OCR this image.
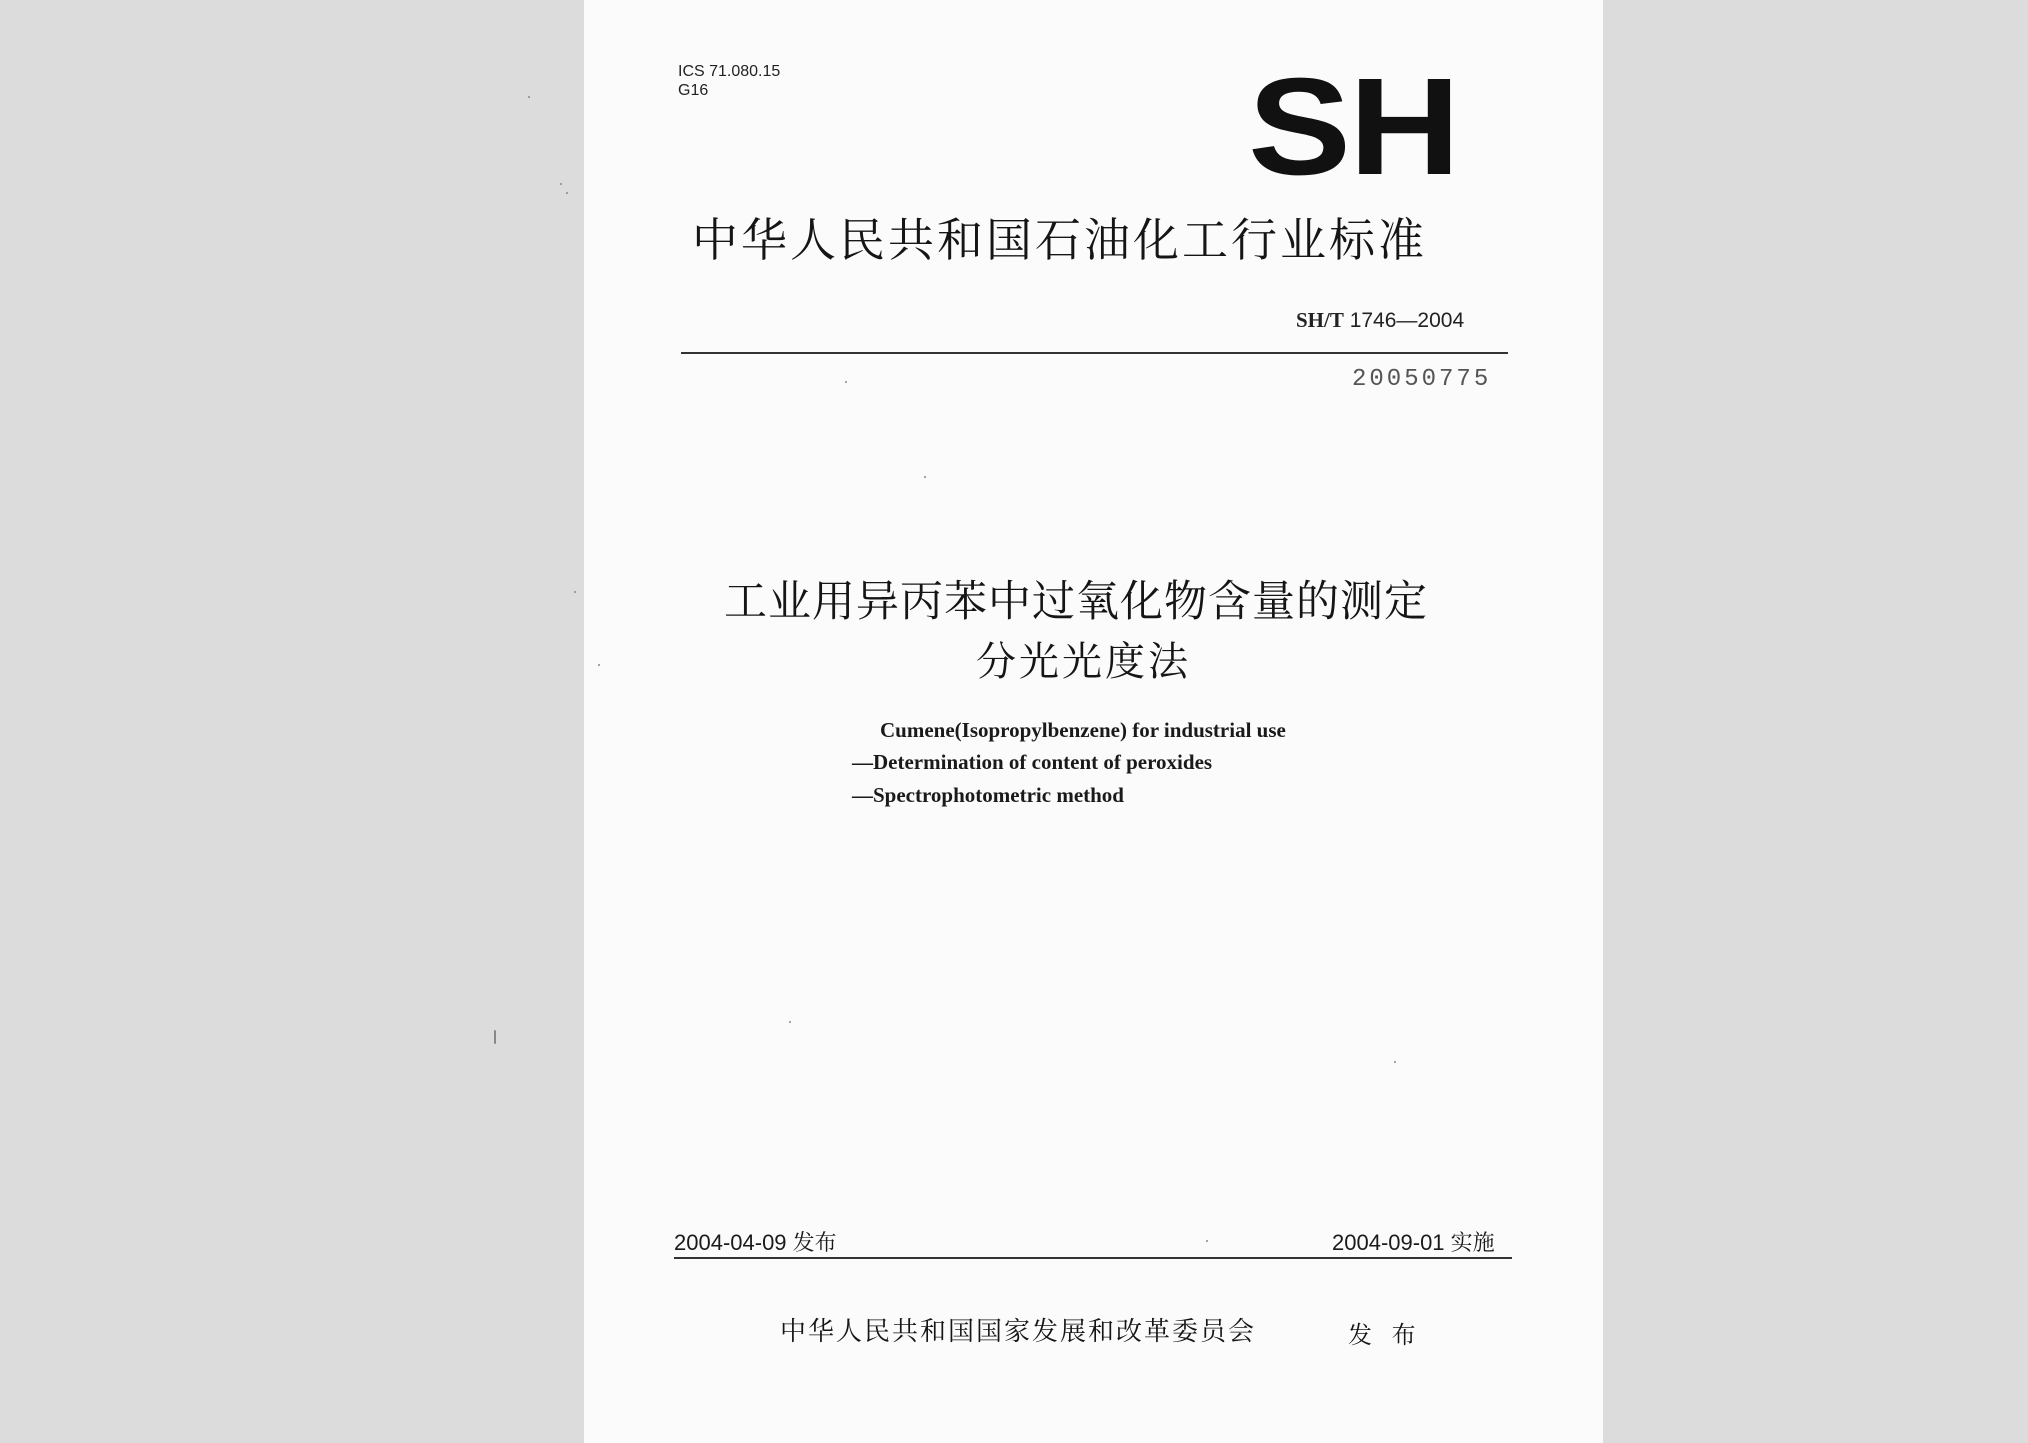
ICS 71.080.15
G16	SH
中华人民共和国石油化工行业标准
SH/T 1746—2004
20050775
工业用异丙苯中过氧化物含量的测定
分光光度法
Cumene(Isopropylbenzene) for industrial use
—Determination of content of peroxides
—Spectrophotometric method
2004-04-09 发布	2004-09-01 实施
中华人民共和国国家发展和改革委员会	发 布
